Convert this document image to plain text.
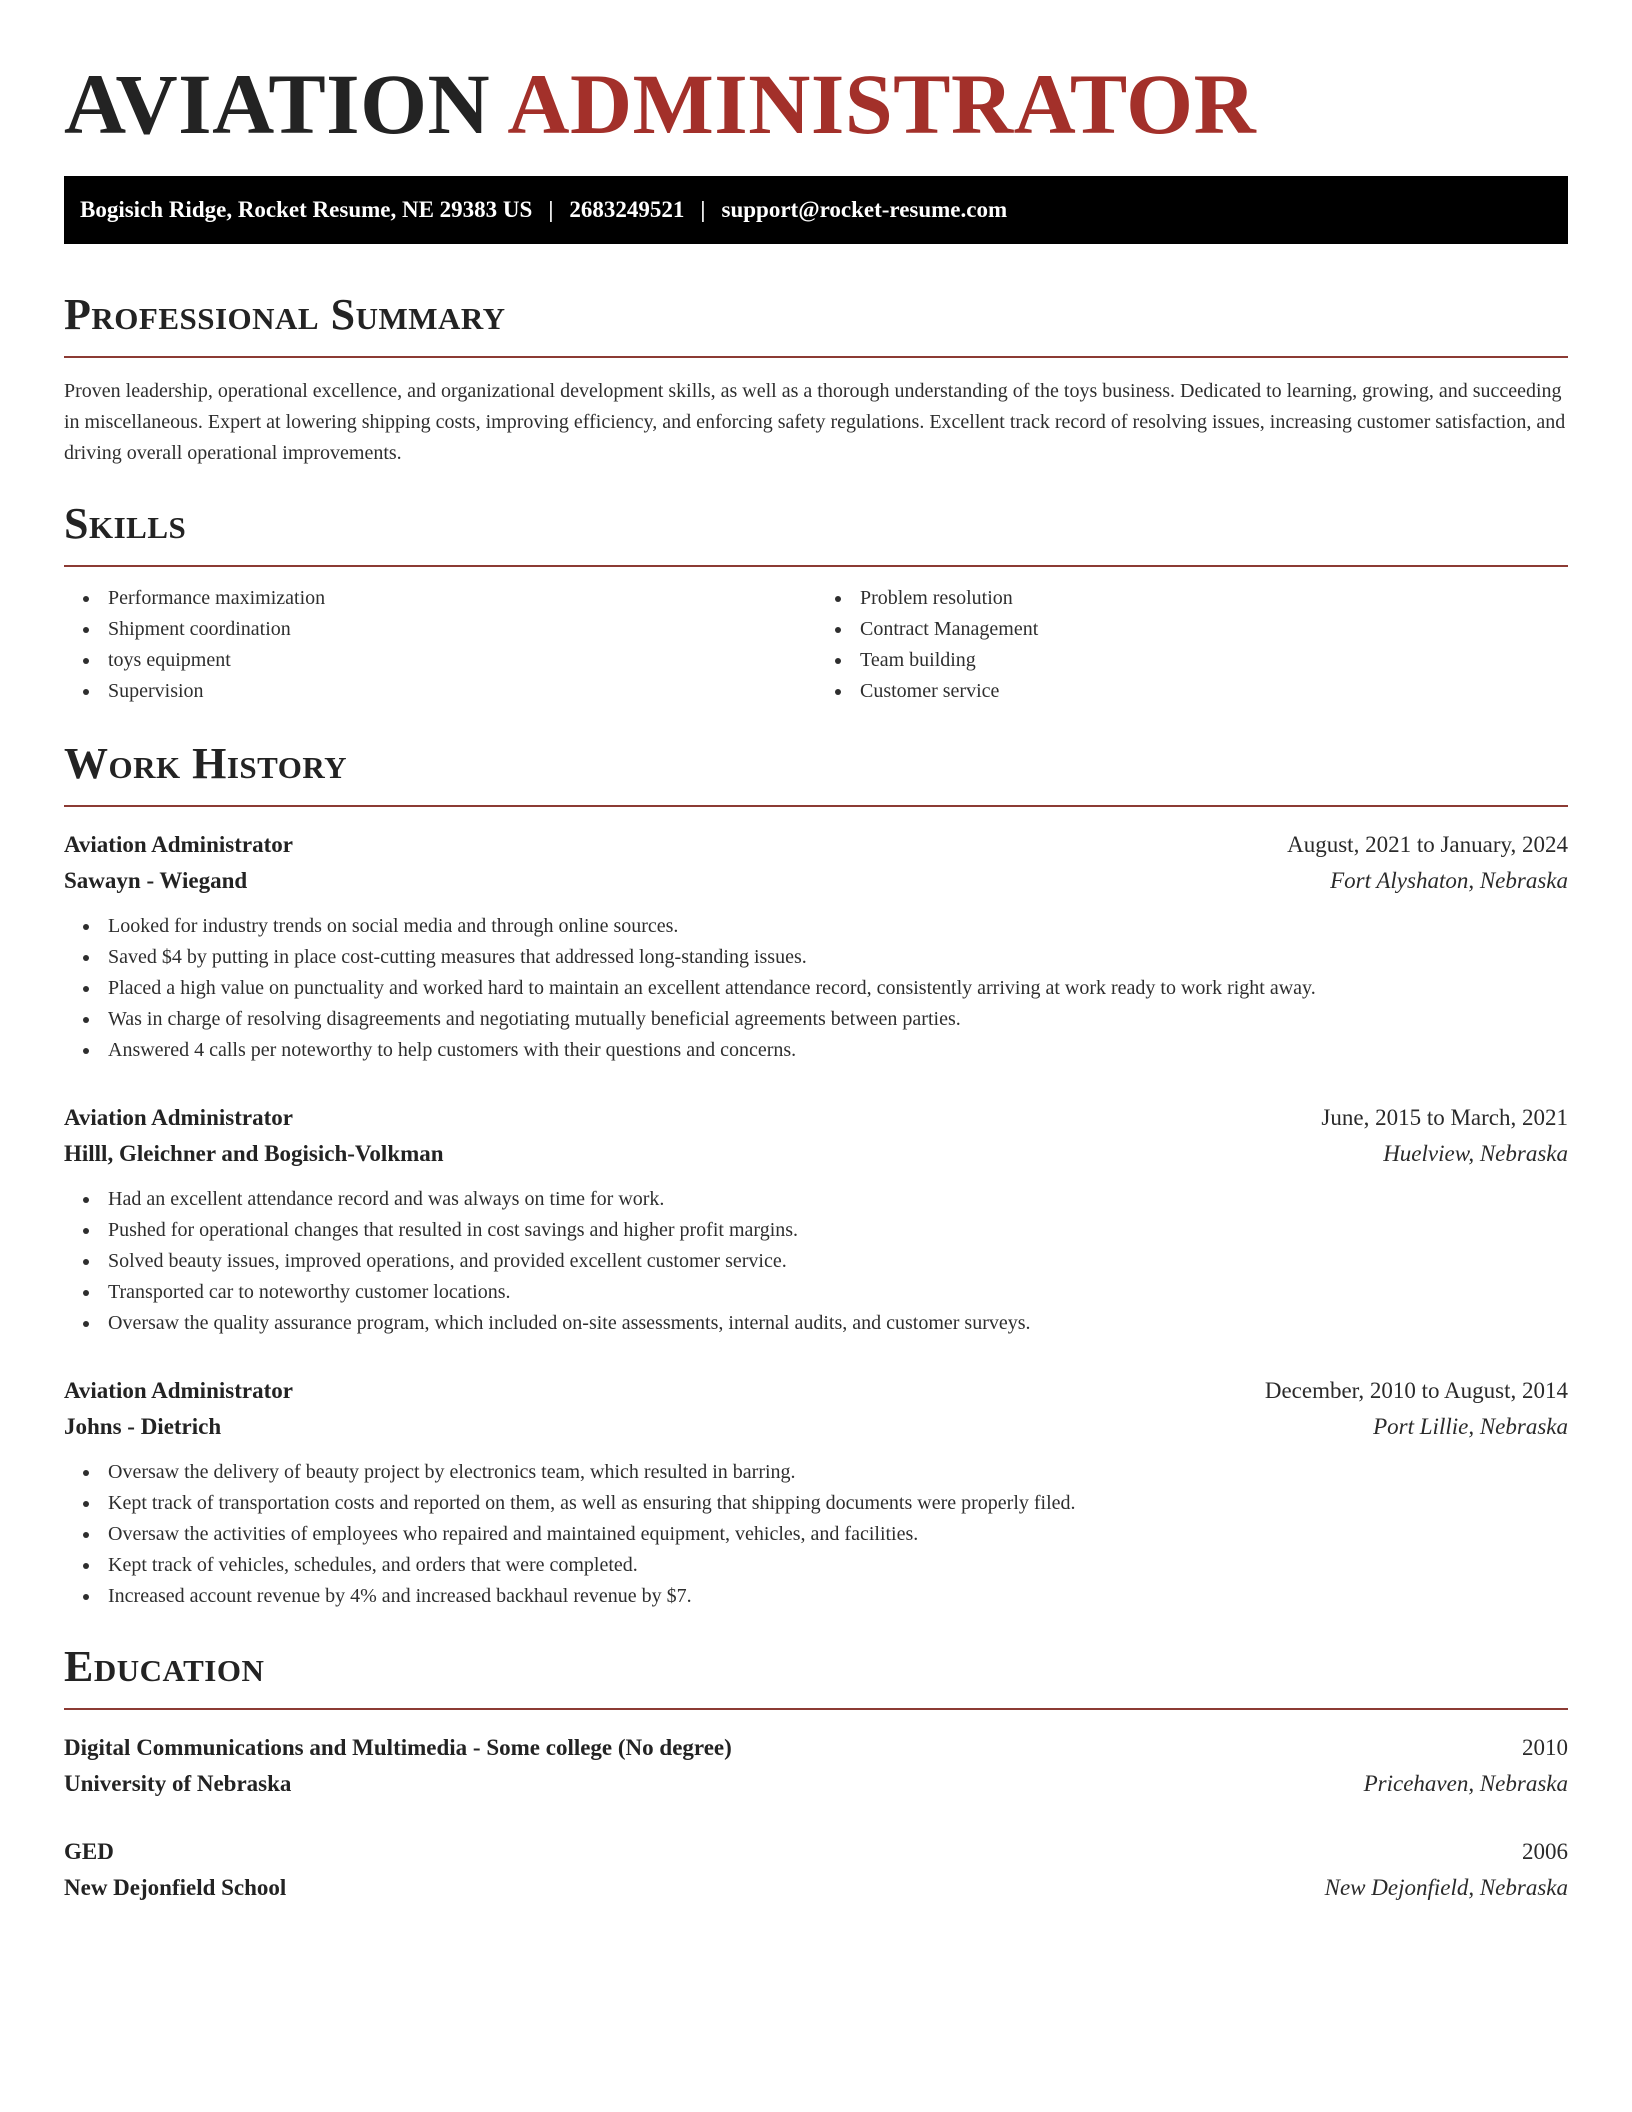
AVIATION ADMINISTRATOR
Bogisich Ridge, Rocket Resume, NE 29383 US | 2683249521 | support@rocket-resume.com
Professional Summary

Proven leadership, operational excellence, and organizational development skills, as well as a thorough understanding of the toys business. Dedicated to learning, growing, and succeeding in miscellaneous. Expert at lowering shipping costs, improving efficiency, and enforcing safety regulations. Excellent track record of resolving issues, increasing customer satisfaction, and driving overall operational improvements.

Skills
Performance maximization
Shipment coordination
toys equipment
Supervision
Problem resolution
Contract Management
Team building
Customer service
Work History
Aviation Administrator	August, 2021 to January, 2024
Sawayn - Wiegand	Fort Alyshaton, Nebraska
Looked for industry trends on social media and through online sources.
Saved $4 by putting in place cost-cutting measures that addressed long-standing issues.
Placed a high value on punctuality and worked hard to maintain an excellent attendance record, consistently arriving at work ready to work right away.
Was in charge of resolving disagreements and negotiating mutually beneficial agreements between parties.
Answered 4 calls per noteworthy to help customers with their questions and concerns.
Aviation Administrator	June, 2015 to March, 2021
Hilll, Gleichner and Bogisich-Volkman	Huelview, Nebraska
Had an excellent attendance record and was always on time for work.
Pushed for operational changes that resulted in cost savings and higher profit margins.
Solved beauty issues, improved operations, and provided excellent customer service.
Transported car to noteworthy customer locations.
Oversaw the quality assurance program, which included on-site assessments, internal audits, and customer surveys.
Aviation Administrator	December, 2010 to August, 2014
Johns - Dietrich	Port Lillie, Nebraska
Oversaw the delivery of beauty project by electronics team, which resulted in barring.
Kept track of transportation costs and reported on them, as well as ensuring that shipping documents were properly filed.
Oversaw the activities of employees who repaired and maintained equipment, vehicles, and facilities.
Kept track of vehicles, schedules, and orders that were completed.
Increased account revenue by 4% and increased backhaul revenue by $7.
Education
Digital Communications and Multimedia - Some college (No degree)	2010
University of Nebraska	Pricehaven, Nebraska
GED	2006
New Dejonfield School	New Dejonfield, Nebraska
